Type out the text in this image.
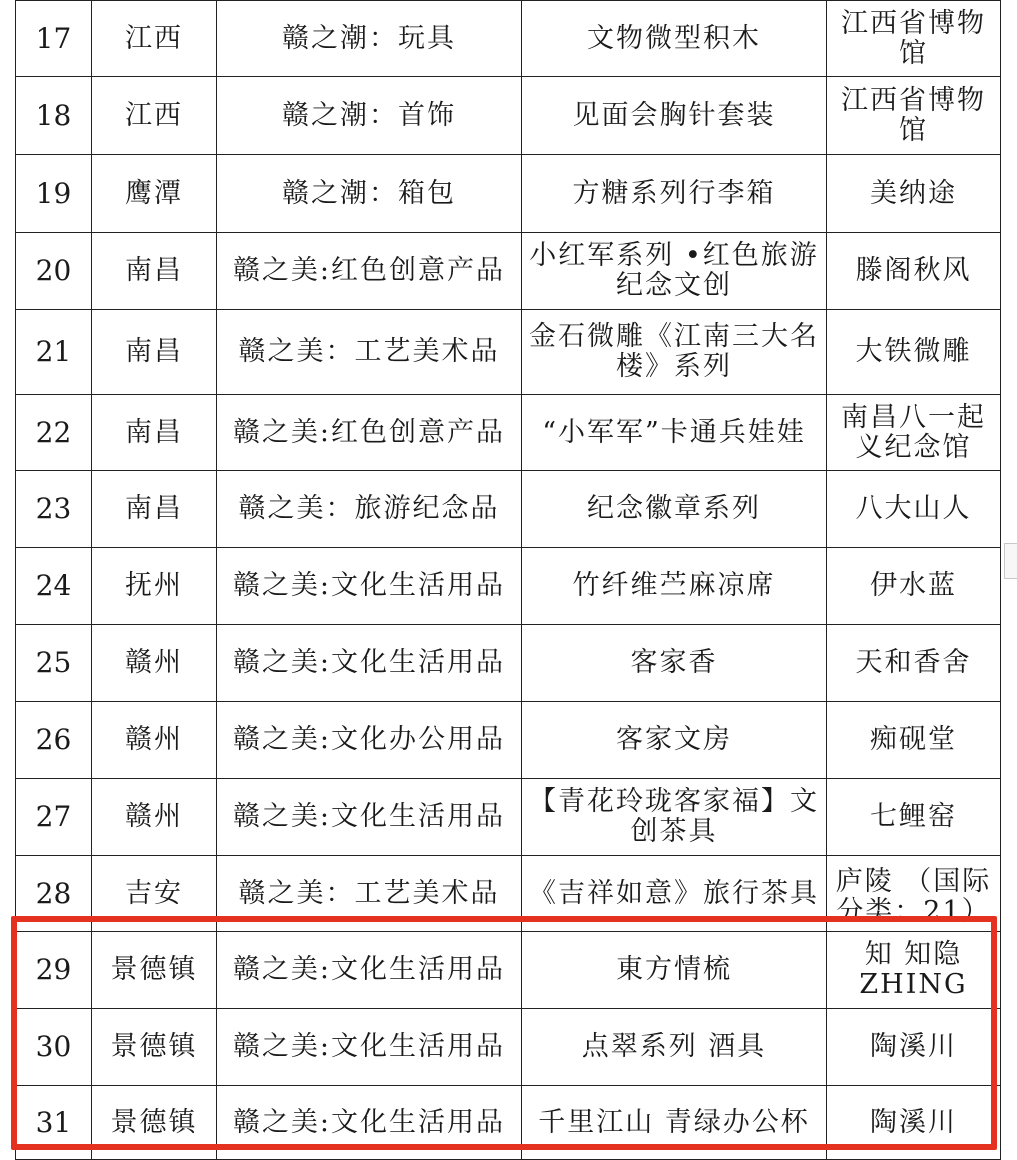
17	江西	赣之潮：玩具	文物微型积木	江西省博物馆
18	江西	赣之潮：首饰	见面会胸针套装	江西省博物馆
19	鹰潭	赣之潮：箱包	方糖系列行李箱	美纳途
20	南昌	赣之美:红色创意产品	小红军系列 •红色旅游纪念文创	滕阁秋风
21	南昌	赣之美：工艺美术品	金石微雕《江南三大名楼》系列	大铁微雕
22	南昌	赣之美:红色创意产品	“小军军”卡通兵娃娃	南昌八一起义纪念馆
23	南昌	赣之美：旅游纪念品	纪念徽章系列	八大山人
24	抚州	赣之美:文化生活用品	竹纤维苎麻凉席	伊水蓝
25	赣州	赣之美:文化生活用品	客家香	天和香舍
26	赣州	赣之美:文化办公用品	客家文房	痴砚堂
27	赣州	赣之美:文化生活用品	【青花玲珑客家福】文创茶具	七鲤窑
28	吉安	赣之美：工艺美术品	《吉祥如意》旅行茶具	庐陵 （国际分类：21）

29	景德镇	赣之美:文化生活用品	東方情梳	知 知隐 ZHING
30	景德镇	赣之美:文化生活用品	点翠系列 酒具	陶溪川
31	景德镇	赣之美:文化生活用品	千里江山 青绿办公杯	陶溪川
